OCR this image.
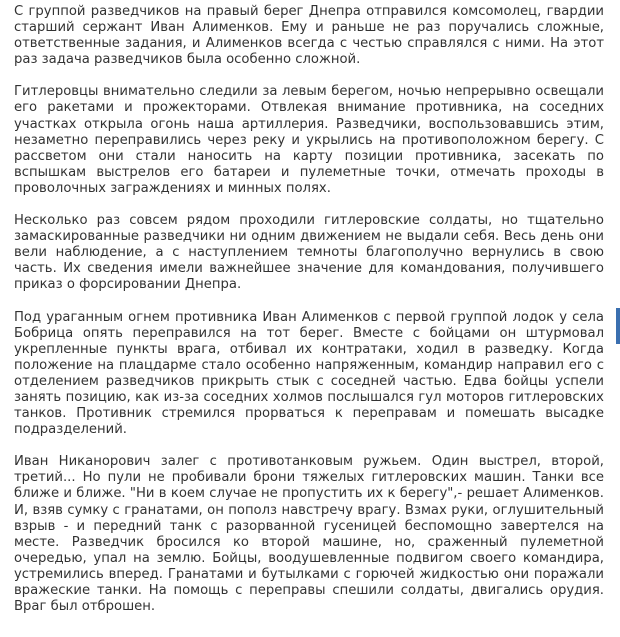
С группой разведчиков на правый берег Днепра отправился комсомолец, гвардии старший сержант Иван Алименков. Ему и раньше не раз поручались сложные, ответственные задания, и Алименков всегда с честью справлялся с ними. На этот раз задача разведчиков была особенно сложной.

Гитлеровцы внимательно следили за левым берегом, ночью непрерывно освещали его ракетами и прожекторами. Отвлекая внимание противника, на соседних участках открыла огонь наша артиллерия. Разведчики, воспользовавшись этим, незаметно переправились через реку и укрылись на противоположном берегу. С рассветом они стали наносить на карту позиции противника, засекать по вспышкам выстрелов его батареи и пулеметные точки, отмечать проходы в проволочных заграждениях и минных полях.

Несколько раз совсем рядом проходили гитлеровские солдаты, но тщательно замаскированные разведчики ни одним движением не выдали себя. Весь день они вели наблюдение, а с наступлением темноты благополучно вернулись в свою часть. Их сведения имели важнейшее значение для командования, получившего приказ о форсировании Днепра.

Под ураганным огнем противника Иван Алименков с первой группой лодок у села Бобрица опять переправился на тот берег. Вместе с бойцами он штурмовал укрепленные пункты врага, отбивал их контратаки, ходил в разведку. Когда положение на плацдарме стало особенно напряженным, командир направил его с отделением разведчиков прикрыть стык с соседней частью. Едва бойцы успели занять позицию, как из-за соседних холмов послышался гул моторов гитлеровских танков. Противник стремился прорваться к переправам и помешать высадке подразделений.

Иван Никанорович залег с противотанковым ружьем. Один выстрел, второй, третий... Но пули не пробивали брони тяжелых гитлеровских машин. Танки все ближе и ближе. "Ни в коем случае не пропустить их к берегу",- решает Алименков. И, взяв сумку с гранатами, он пополз навстречу врагу. Взмах руки, оглушительный взрыв - и передний танк с разорванной гусеницей беспомощно завертелся на месте. Разведчик бросился ко второй машине, но, сраженный пулеметной очередью, упал на землю. Бойцы, воодушевленные подвигом своего командира, устремились вперед. Гранатами и бутылками с горючей жидкостью они поражали вражеские танки. На помощь с переправы спешили солдаты, двигались орудия. Враг был отброшен.
